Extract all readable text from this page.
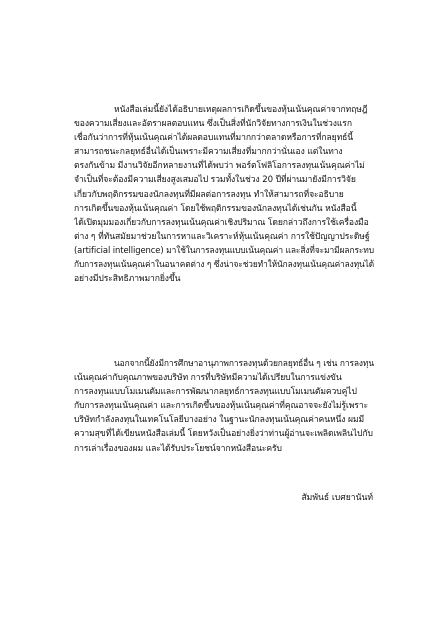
หนังสือเล่มนี้ยังได้อธิบายเหตุผลการเกิดขึ้นของหุ้นเน้นคุณค่าจากทฤษฎี
ของความเสี่ยงและอัตราผลตอบแทน ซึ่งเป็นสิ่งที่นักวิจัยทางการเงินในช่วงแรก
เชื่อกันว่าการที่หุ้นเน้นคุณค่าได้ผลตอบแทนที่มากกว่าตลาดหรือการที่กลยุทธ์นี้
สามารถชนะกลยุทธ์อื่นได้เป็นเพราะมีความเสี่ยงที่มากกว่านั่นเอง แต่ในทาง
ตรงกันข้าม มีงานวิจัยอีกหลายงานที่ได้พบว่า พอร์ตโฟลิโอการลงทุนเน้นคุณค่าไม่
จำเป็นที่จะต้องมีความเสี่ยงสูงเสมอไป รวมทั้งในช่วง 20 ปีที่ผ่านมายังมีการวิจัย
เกี่ยวกับพฤติกรรมของนักลงทุนที่มีผลต่อการลงทุน ทำให้สามารถที่จะอธิบาย
การเกิดขึ้นของหุ้นเน้นคุณค่า โดยใช้พฤติกรรมของนักลงทุนได้เช่นกัน หนังสือนี้
ได้เปิดมุมมองเกี่ยวกับการลงทุนเน้นคุณค่าเชิงปริมาณ โดยกล่าวถึงการใช้เครื่องมือ
ต่าง ๆ ที่ทันสมัยมาช่วยในการหาและวิเคราะห์หุ้นเน้นคุณค่า การใช้ปัญญาประดิษฐ์
(artificial intelligence) มาใช้ในการลงทุนแบบเน้นคุณค่า และสิ่งที่จะมามีผลกระทบ
กับการลงทุนเน้นคุณค่าในอนาคตต่าง ๆ ซึ่งน่าจะช่วยทำให้นักลงทุนเน้นคุณค่าลงทุนได้
อย่างมีประสิทธิภาพมากยิ่งขึ้น
นอกจากนี้ยังมีการศึกษาอานุภาพการลงทุนด้วยกลยุทธ์อื่น ๆ เช่น การลงทุน
เน้นคุณค่ากับคุณภาพของบริษัท การที่บริษัทมีความได้เปรียบในการแข่งขัน
การลงทุนแบบโมเมนตัมและการพัฒนากลยุทธ์การลงทุนแบบโมเมนตัมควบคู่ไป
กับการลงทุนเน้นคุณค่า และการเกิดขึ้นของหุ้นเน้นคุณค่าที่คุณอาจจะยังไม่รู้เพราะ
บริษัทกำลังลงทุนในเทคโนโลยีบางอย่าง ในฐานะนักลงทุนเน้นคุณค่าคนหนึ่ง ผมมี
ความสุขที่ได้เขียนหนังสือเล่มนี้ โดยหวังเป็นอย่างยิ่งว่าท่านผู้อ่านจะเพลิดเพลินไปกับ
การเล่าเรื่องของผม และได้รับประโยชน์จากหนังสือนะครับ
สัมพันธ์ เบศยานันท์
